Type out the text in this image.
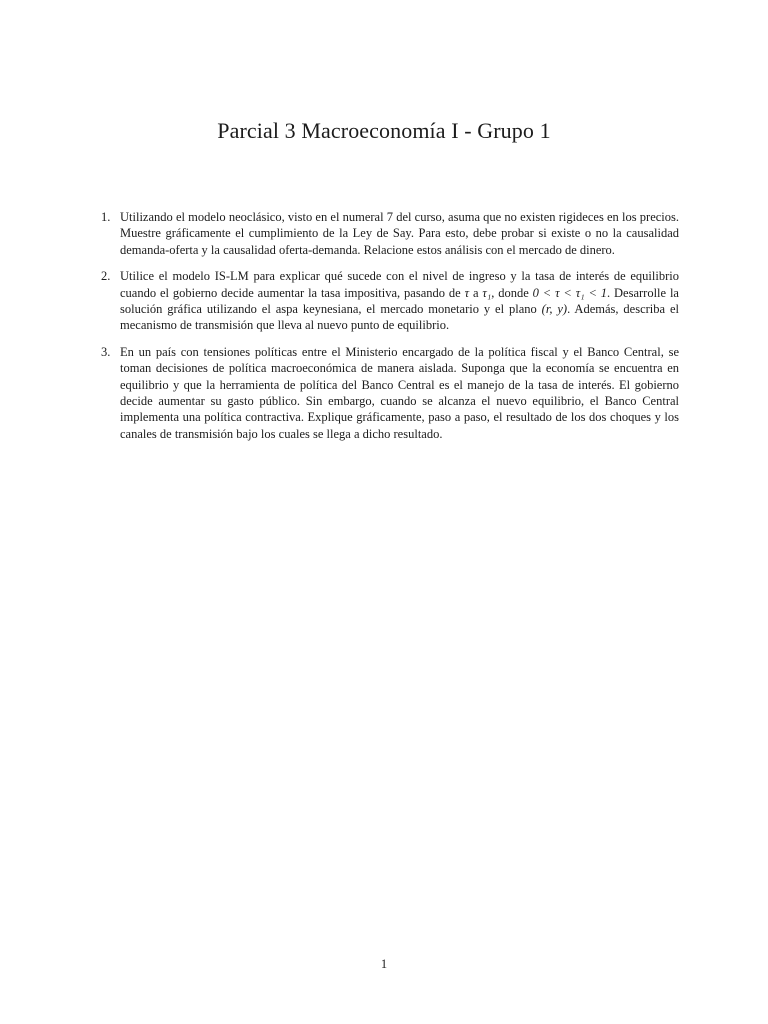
Parcial 3 Macroeconomía I - Grupo 1
1. Utilizando el modelo neoclásico, visto en el numeral 7 del curso, asuma que no existen rigideces en los precios. Muestre gráficamente el cumplimiento de la Ley de Say. Para esto, debe probar si existe o no la causalidad demanda-oferta y la causalidad oferta-demanda. Relacione estos análisis con el mercado de dinero.
2. Utilice el modelo IS-LM para explicar qué sucede con el nivel de ingreso y la tasa de interés de equilibrio cuando el gobierno decide aumentar la tasa impositiva, pasando de τ a τ₁, donde 0 < τ < τ₁ < 1. Desarrolle la solución gráfica utilizando el aspa keynesiana, el mercado monetario y el plano (r, y). Además, describa el mecanismo de transmisión que lleva al nuevo punto de equilibrio.
3. En un país con tensiones políticas entre el Ministerio encargado de la política fiscal y el Banco Central, se toman decisiones de política macroeconómica de manera aislada. Suponga que la economía se encuentra en equilibrio y que la herramienta de política del Banco Central es el manejo de la tasa de interés. El gobierno decide aumentar su gasto público. Sin embargo, cuando se alcanza el nuevo equilibrio, el Banco Central implementa una política contractiva. Explique gráficamente, paso a paso, el resultado de los dos choques y los canales de transmisión bajo los cuales se llega a dicho resultado.
1
